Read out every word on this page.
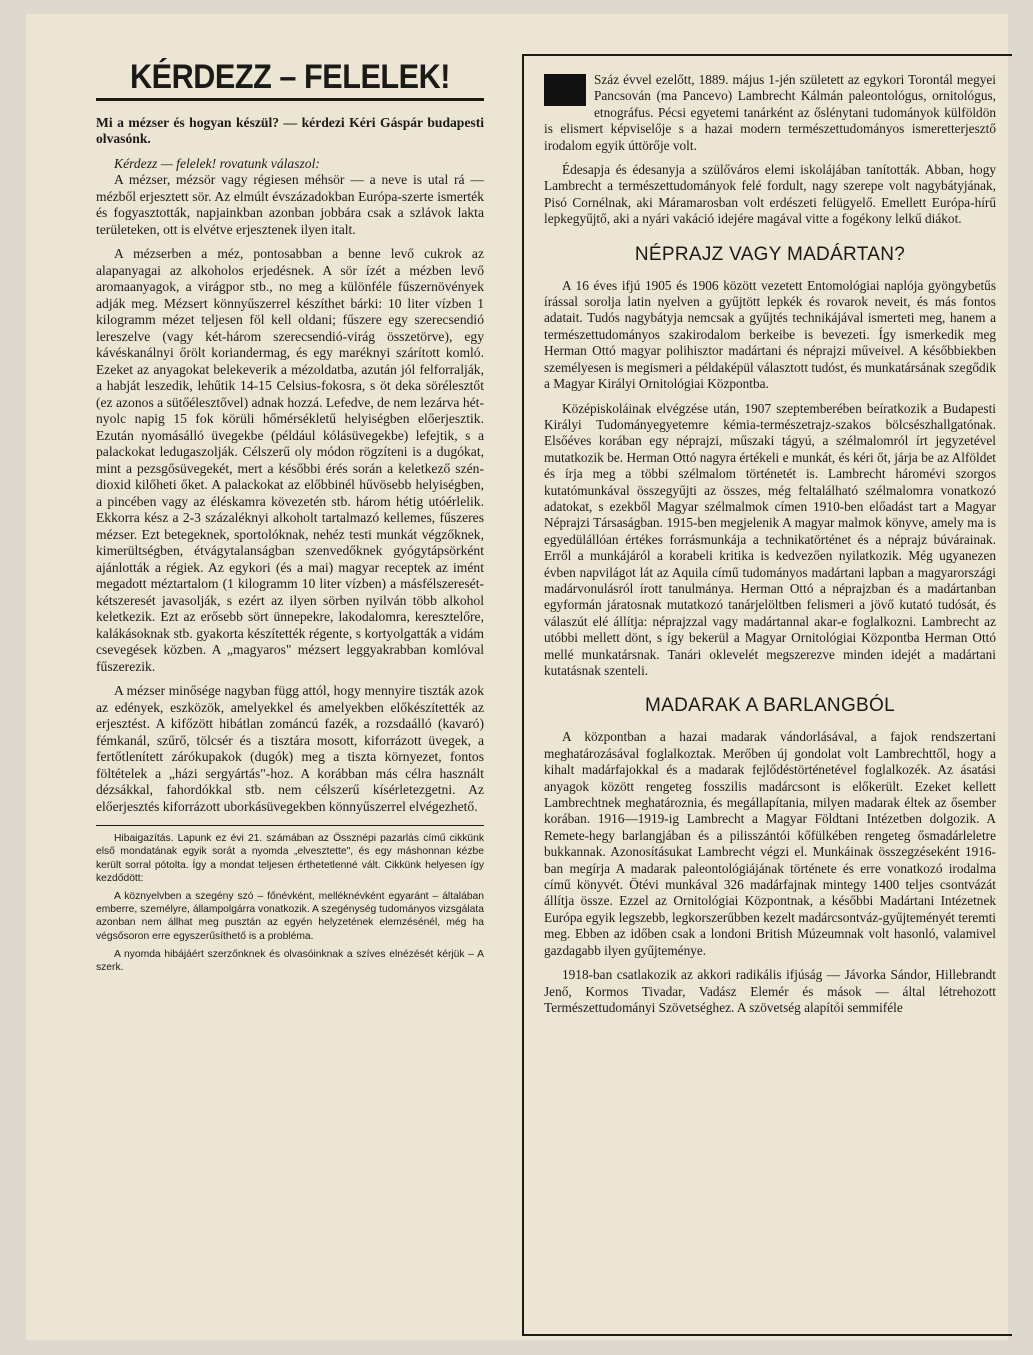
KÉRDEZZ – FELELEK!

Mi a mézser és hogyan készül? — kérdezi Kéri Gáspár budapesti olvasónk.

Kérdezz — felelek! rovatunk válaszol:

A mézser, mézsör vagy régiesen méhsör — a neve is utal rá — mézből erjesztett sör. Az elmúlt évszázadokban Európa-szerte ismerték és fogyasztották, napjainkban azonban jobbára csak a szlávok lakta területeken, ott is elvétve erjesztenek ilyen italt.

A mézserben a méz, pontosabban a benne levő cukrok az alapanyagai az alkoholos erjedésnek. A sör ízét a mézben levő aromaanyagok, a virágpor stb., no meg a különféle fűszernövények adják meg. Mézsert könnyűszerrel készíthet bárki: 10 liter vízben 1 kilogramm mézet teljesen föl kell oldani; fűszere egy szerecsendió lereszelve (vagy két-három szerecsendió-virág összetörve), egy kávéskanálnyi őrölt koriandermag, és egy maréknyi szárított komló. Ezeket az anyagokat belekeverik a mézoldatba, azután jól felforralják, a habját leszedik, lehűtik 14-15 Celsius-fokosra, s öt deka sörélesztőt (ez azonos a sütőélesztővel) adnak hozzá. Lefedve, de nem lezárva hét-nyolc napig 15 fok körüli hőmérsékletű helyiségben előerjesztik. Ezután nyomásálló üvegekbe (például kólásüvegekbe) lefejtik, s a palackokat ledugaszolják. Célszerű oly módon rögzíteni is a dugókat, mint a pezsgősüvegekét, mert a későbbi érés során a keletkező szén-dioxid kilőheti őket. A palackokat az előbbinél hűvösebb helyiségben, a pincében vagy az éléskamra kövezetén stb. három hétig utóérlelik. Ekkorra kész a 2-3 százaléknyi alkoholt tartalmazó kellemes, fűszeres mézser. Ezt betegeknek, sportolóknak, nehéz testi munkát végzőknek, kimerültségben, étvágytalanságban szenvedőknek gyógytápsörként ajánlották a régiek. Az egykori (és a mai) magyar receptek az imént megadott méztartalom (1 kilogramm 10 liter vízben) a másfélszeresét-kétszeresét javasolják, s ezért az ilyen sörben nyilván több alkohol keletkezik. Ezt az erősebb sört ünnepekre, lakodalomra, keresztelőre, kalákásoknak stb. gyakorta készítették régente, s kortyolgatták a vidám csevegések közben. A „magyaros" mézsert leggyakrabban komlóval fűszerezik.

A mézser minősége nagyban függ attól, hogy mennyire tiszták azok az edények, eszközök, amelyekkel és amelyekben előkészítették az erjesztést. A kifőzött hibátlan zománcú fazék, a rozsdaálló (kavaró) fémkanál, szűrő, tölcsér és a tisztára mosott, kiforrázott üvegek, a fertőtlenített zárókupakok (dugók) meg a tiszta környezet, fontos föltételek a „házi sergyártás"-hoz. A korábban más célra használt dézsákkal, fahordókkal stb. nem célszerű kísérletezgetni. Az előerjesztés kiforrázott uborkásüvegekben könnyűszerrel elvégezhető.

Hibaigazítás. Lapunk ez évi 21. számában az Össznépi pazarlás című cikkünk első mondatának egyik sorát a nyomda „elvesztette", és egy máshonnan kézbe került sorral pótolta. Így a mondat teljesen érthetetlenné vált. Cikkünk helyesen így kezdődött:

A köznyelvben a szegény szó – főnévként, melléknévként egyaránt – általában emberre, személyre, állampolgárra vonatkozik. A szegénység tudományos vizsgálata azonban nem állhat meg pusztán az egyén helyzetének elemzésénél, még ha végsősoron erre egyszerűsíthető is a probléma.

A nyomda hibájáért szerzőnknek és olvasóinknak a szíves elnézését kérjük – A szerk.

Száz évvel ezelőtt, 1889. május 1-jén született az egykori Torontál megyei Pancsován (ma Pancevo) Lambrecht Kálmán paleontológus, ornitológus, etnográfus. Pécsi egyetemi tanárként az őslénytani tudományok külföldön is elismert képviselője s a hazai modern természettudományos ismeretterjesztő irodalom egyik úttörője volt.

Édesapja és édesanyja a szülőváros elemi iskolájában tanították. Abban, hogy Lambrecht a természettudományok felé fordult, nagy szerepe volt nagybátyjának, Pisó Cornélnak, aki Máramarosban volt erdészeti felügyelő. Emellett Európa-hírű lepkegyűjtő, aki a nyári vakáció idejére magával vitte a fogékony lelkű diákot.

NÉPRAJZ VAGY MADÁRTAN?

A 16 éves ifjú 1905 és 1906 között vezetett Entomológiai naplója gyöngybetűs írással sorolja latin nyelven a gyűjtött lepkék és rovarok neveit, és más fontos adatait. Tudós nagybátyja nemcsak a gyűjtés technikájával ismerteti meg, hanem a természettudományos szakirodalom berkeibe is bevezeti. Így ismerkedik meg Herman Ottó magyar polihisztor madártani és néprajzi műveivel. A későbbiekben személyesen is megismeri a példaképül választott tudóst, és munkatársának szegődik a Magyar Királyi Ornitológiai Központba.

Középiskoláinak elvégzése után, 1907 szeptemberében beíratkozik a Budapesti Királyi Tudományegyetemre kémia-természetrajz-szakos bölcsészhallgatónak. Elsőéves korában egy néprajzi, műszaki tágyú, a szélmalomról írt jegyzetével mutatkozik be. Herman Ottó nagyra értékeli e munkát, és kéri őt, járja be az Alföldet és írja meg a többi szélmalom történetét is. Lambrecht háromévi szorgos kutatómunkával összegyűjti az összes, még feltalálható szélmalomra vonatkozó adatokat, s ezekből Magyar szélmalmok címen 1910-ben előadást tart a Magyar Néprajzi Társaságban. 1915-ben megjelenik A magyar malmok könyve, amely ma is egyedülállóan értékes forrásmunkája a technikatörténet és a néprajz búvárainak. Erről a munkájáról a korabeli kritika is kedvezően nyilatkozik. Még ugyanezen évben napvilágot lát az Aquila című tudományos madártani lapban a magyarországi madárvonulásról írott tanulmánya. Herman Ottó a néprajzban és a madártanban egyformán járatosnak mutatkozó tanárjelöltben felismeri a jövő kutató tudósát, és válaszút elé állítja: néprajzzal vagy madártannal akar-e foglalkozni. Lambrecht az utóbbi mellett dönt, s így bekerül a Magyar Ornitológiai Központba Herman Ottó mellé munkatársnak. Tanári oklevelét megszerezve minden idejét a madártani kutatásnak szenteli.

MADARAK A BARLANGBÓL

A központban a hazai madarak vándorlásával, a fajok rendszertani meghatározásával foglalkoztak. Merőben új gondolat volt Lambrechttől, hogy a kihalt madárfajokkal és a madarak fejlődéstörténetével foglalkozék. Az ásatási anyagok között rengeteg fosszilis madárcsont is előkerült. Ezeket kellett Lambrechtnek meghatároznia, és megállapítania, milyen madarak éltek az ősember korában. 1916—1919-ig Lambrecht a Magyar Földtani Intézetben dolgozik. A Remete-hegy barlangjában és a pilisszántói kőfülkében rengeteg ősmadárleletre bukkannak. Azonosításukat Lambrecht végzi el. Munkáinak összegzéseként 1916-ban megírja A madarak paleontológiájának története és erre vonatkozó irodalma című könyvét. Ötévi munkával 326 madárfajnak mintegy 1400 teljes csontvázát állítja össze. Ezzel az Ornitológiai Központnak, a későbbi Madártani Intézetnek Európa egyik legszebb, legkorszerűbben kezelt madárcsontváz-gyűjteményét teremti meg. Ebben az időben csak a londoni British Múzeumnak volt hasonló, valamivel gazdagabb ilyen gyűjteménye.

1918-ban csatlakozik az akkori radikális ifjúság — Jávorka Sándor, Hillebrandt Jenő, Kormos Tivadar, Vadász Elemér és mások — által létrehozott Természettudományi Szövetséghez. A szövetség alapítói semmiféle
